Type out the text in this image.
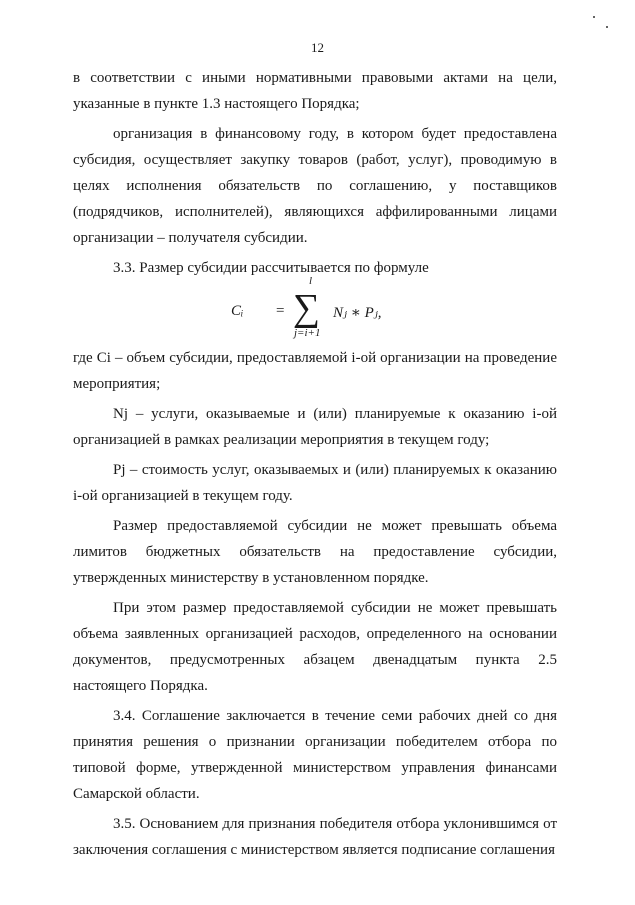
12

в соответствии с иными нормативными правовыми актами на цели, указанные в пункте 1.3 настоящего Порядка;

организация в финансовому году, в котором будет предоставлена субсидия, осуществляет закупку товаров (работ, услуг), проводимую в целях исполнения обязательств по соглашению, у поставщиков (подрядчиков, исполнителей), являющихся аффилированными лицами организации – получателя субсидии.

3.3. Размер субсидии рассчитывается по формуле

Cᵢ =
l
∑
j=i+1
Nⱼ ∗ Pⱼ,

где Ci – объем субсидии, предоставляемой i-ой организации на проведение мероприятия;

Nj – услуги, оказываемые и (или) планируемые к оказанию i-ой организацией в рамках реализации мероприятия в текущем году;

Pj – стоимость услуг, оказываемых и (или) планируемых к оказанию i-ой организацией в текущем году.

Размер предоставляемой субсидии не может превышать объема лимитов бюджетных обязательств на предоставление субсидии, утвержденных министерству в установленном порядке.

При этом размер предоставляемой субсидии не может превышать объема заявленных организацией расходов, определенного на основании документов, предусмотренных абзацем двенадцатым пункта 2.5 настоящего Порядка.

3.4. Соглашение заключается в течение семи рабочих дней со дня принятия решения о признании организации победителем отбора по типовой форме, утвержденной министерством управления финансами Самарской области.

3.5. Основанием для признания победителя отбора уклонившимся от заключения соглашения с министерством является подписание соглашения
